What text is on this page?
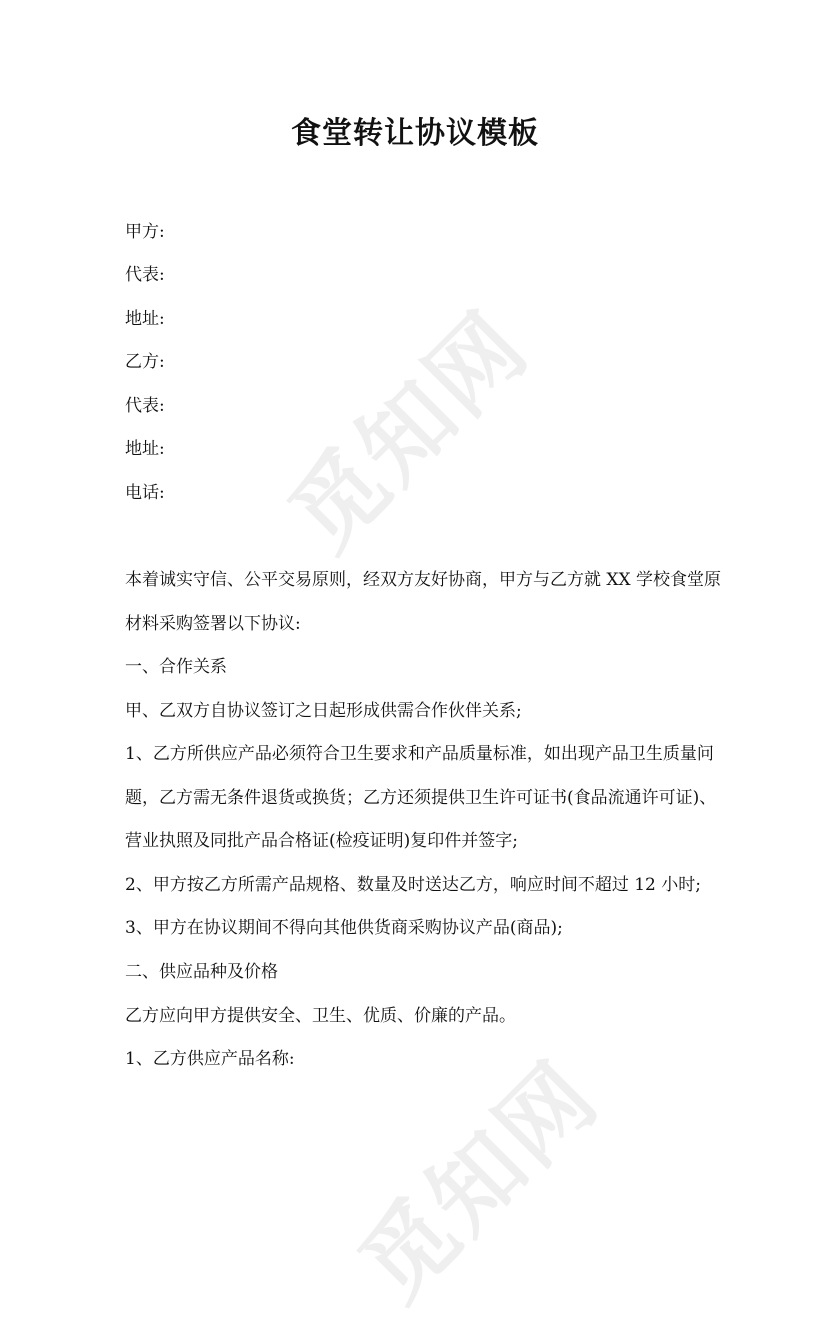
觅知网
觅知网
食堂转让协议模板
甲方:
代表:
地址:
乙方:
代表:
地址:
电话:
本着诚实守信、公平交易原则，经双方友好协商，甲方与乙方就 XX 学校食堂原
材料采购签署以下协议:
一、合作关系
甲、乙双方自协议签订之日起形成供需合作伙伴关系;
1、乙方所供应产品必须符合卫生要求和产品质量标准，如出现产品卫生质量问
题，乙方需无条件退货或换货；乙方还须提供卫生许可证书(食品流通许可证)、
营业执照及同批产品合格证(检疫证明)复印件并签字;
2、甲方按乙方所需产品规格、数量及时送达乙方，响应时间不超过 12 小时;
3、甲方在协议期间不得向其他供货商采购协议产品(商品);
二、供应品种及价格
乙方应向甲方提供安全、卫生、优质、价廉的产品。
1、乙方供应产品名称:
